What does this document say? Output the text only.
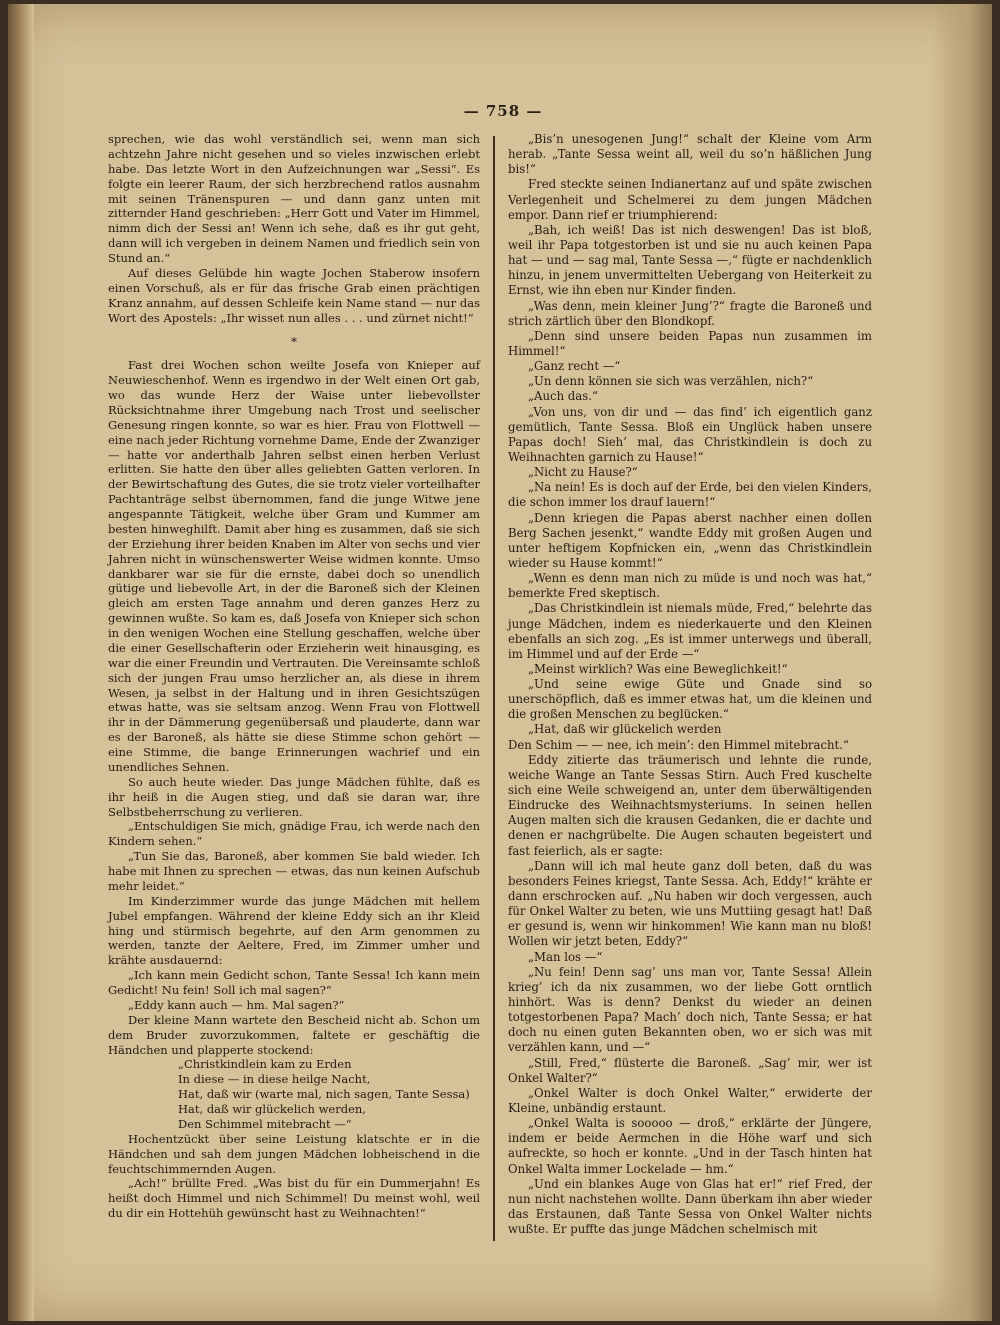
— 758 —

sprechen, wie das wohl verständlich sei, wenn man sich achtzehn Jahre nicht gesehen und so vieles inzwischen erlebt habe. Das letzte Wort in den Aufzeichnungen war „Sessi“. Es folgte ein leerer Raum, der sich herzbrechend ratlos ausnahm mit seinen Tränenspuren — und dann ganz unten mit zitternder Hand geschrieben: „Herr Gott und Vater im Himmel, nimm dich der Sessi an! Wenn ich sehe, daß es ihr gut geht, dann will ich vergeben in deinem Namen und friedlich sein von Stund an.“

Auf dieses Gelübde hin wagte Jochen Staberow insofern einen Vorschuß, als er für das frische Grab einen prächtigen Kranz annahm, auf dessen Schleife kein Name stand — nur das Wort des Apostels: „Ihr wisset nun alles . . . und zürnet nicht!“

*

Fast drei Wochen schon weilte Josefa von Knieper auf Neuwieschenhof. Wenn es irgendwo in der Welt einen Ort gab, wo das wunde Herz der Waise unter liebevollster Rücksichtnahme ihrer Umgebung nach Trost und seelischer Genesung ringen konnte, so war es hier. Frau von Flottwell — eine nach jeder Richtung vornehme Dame, Ende der Zwanziger — hatte vor anderthalb Jahren selbst einen herben Verlust erlitten. Sie hatte den über alles geliebten Gatten verloren. In der Bewirtschaftung des Gutes, die sie trotz vieler vorteilhafter Pachtanträge selbst übernommen, fand die junge Witwe jene angespannte Tätigkeit, welche über Gram und Kummer am besten hinweghilft. Damit aber hing es zusammen, daß sie sich der Erziehung ihrer beiden Knaben im Alter von sechs und vier Jahren nicht in wünschenswerter Weise widmen konnte. Umso dankbarer war sie für die ernste, dabei doch so unendlich gütige und liebevolle Art, in der die Baroneß sich der Kleinen gleich am ersten Tage annahm und deren ganzes Herz zu gewinnen wußte. So kam es, daß Josefa von Knieper sich schon in den wenigen Wochen eine Stellung geschaffen, welche über die einer Gesellschafterin oder Erzieherin weit hinausging, es war die einer Freundin und Vertrauten. Die Vereinsamte schloß sich der jungen Frau umso herzlicher an, als diese in ihrem Wesen, ja selbst in der Haltung und in ihren Gesichtszügen etwas hatte, was sie seltsam anzog. Wenn Frau von Flottwell ihr in der Dämmerung gegenübersaß und plauderte, dann war es der Baroneß, als hätte sie diese Stimme schon gehört — eine Stimme, die bange Erinnerungen wachrief und ein unendliches Sehnen.

So auch heute wieder. Das junge Mädchen fühlte, daß es ihr heiß in die Augen stieg, und daß sie daran war, ihre Selbstbeherrschung zu verlieren.

„Entschuldigen Sie mich, gnädige Frau, ich werde nach den Kindern sehen.“

„Tun Sie das, Baroneß, aber kommen Sie bald wieder. Ich habe mit Ihnen zu sprechen — etwas, das nun keinen Aufschub mehr leidet.“

Im Kinderzimmer wurde das junge Mädchen mit hellem Jubel empfangen. Während der kleine Eddy sich an ihr Kleid hing und stürmisch begehrte, auf den Arm genommen zu werden, tanzte der Aeltere, Fred, im Zimmer umher und krähte ausdauernd:

„Ich kann mein Gedicht schon, Tante Sessa! Ich kann mein Gedicht! Nu fein! Soll ich mal sagen?“

„Eddy kann auch — hm. Mal sagen?“

Der kleine Mann wartete den Bescheid nicht ab. Schon um dem Bruder zuvorzukommen, faltete er geschäftig die Händchen und plapperte stockend:

„Christkindlein kam zu Erden

In diese — in diese heilge Nacht,

Hat, daß wir (warte mal, nich sagen, Tante Sessa)

Hat, daß wir glückelich werden,

Den Schimmel mitebracht —“

Hochentzückt über seine Leistung klatschte er in die Händchen und sah dem jungen Mädchen lobheischend in die feuchtschimmernden Augen.

„Ach!“ brüllte Fred. „Was bist du für ein Dummerjahn! Es heißt doch Himmel und nich Schimmel! Du meinst wohl, weil du dir ein Hottehüh gewünscht hast zu Weihnachten!“

„Bis’n unesogenen Jung!“ schalt der Kleine vom Arm herab. „Tante Sessa weint all, weil du so’n häßlichen Jung bis!“

Fred steckte seinen Indianertanz auf und späte zwischen Verlegenheit und Schelmerei zu dem jungen Mädchen empor. Dann rief er triumphierend:

„Bah, ich weiß! Das ist nich deswengen! Das ist bloß, weil ihr Papa totgestorben ist und sie nu auch keinen Papa hat — und — sag mal, Tante Sessa —,“ fügte er nachdenklich hinzu, in jenem unvermittelten Uebergang von Heiterkeit zu Ernst, wie ihn eben nur Kinder finden.

„Was denn, mein kleiner Jung’?“ fragte die Baroneß und strich zärtlich über den Blondkopf.

„Denn sind unsere beiden Papas nun zusammen im Himmel!“

„Ganz recht —“

„Un denn können sie sich was verzählen, nich?“

„Auch das.“

„Von uns, von dir und — das find’ ich eigentlich ganz gemütlich, Tante Sessa. Bloß ein Unglück haben unsere Papas doch! Sieh’ mal, das Christkindlein is doch zu Weihnachten garnich zu Hause!“

„Nicht zu Hause?“

„Na nein! Es is doch auf der Erde, bei den vielen Kinders, die schon immer los drauf lauern!“

„Denn kriegen die Papas aberst nachher einen dollen Berg Sachen jesenkt,“ wandte Eddy mit großen Augen und unter heftigem Kopfnicken ein, „wenn das Christkindlein wieder su Hause kommt!“

„Wenn es denn man nich zu müde is und noch was hat,“ bemerkte Fred skeptisch.

„Das Christkindlein ist niemals müde, Fred,“ belehrte das junge Mädchen, indem es niederkauerte und den Kleinen ebenfalls an sich zog. „Es ist immer unterwegs und überall, im Himmel und auf der Erde —“

„Meinst wirklich? Was eine Beweglichkeit!“

„Und seine ewige Güte und Gnade sind so unerschöpflich, daß es immer etwas hat, um die kleinen und die großen Menschen zu beglücken.“

„Hat, daß wir glückelich werden

Den Schim — — nee, ich mein’: den Himmel mitebracht.“

Eddy zitierte das träumerisch und lehnte die runde, weiche Wange an Tante Sessas Stirn. Auch Fred kuschelte sich eine Weile schweigend an, unter dem überwältigenden Eindrucke des Weihnachtsmysteriums. In seinen hellen Augen malten sich die krausen Gedanken, die er dachte und denen er nachgrübelte. Die Augen schauten begeistert und fast feierlich, als er sagte:

„Dann will ich mal heute ganz doll beten, daß du was besonders Feines kriegst, Tante Sessa. Ach, Eddy!“ krähte er dann erschrocken auf. „Nu haben wir doch vergessen, auch für Onkel Walter zu beten, wie uns Muttiing gesagt hat! Daß er gesund is, wenn wir hinkommen! Wie kann man nu bloß! Wollen wir jetzt beten, Eddy?“

„Man los —“

„Nu fein! Denn sag’ uns man vor, Tante Sessa! Allein krieg’ ich da nix zusammen, wo der liebe Gott orntlich hinhört. Was is denn? Denkst du wieder an deinen totgestorbenen Papa? Mach’ doch nich, Tante Sessa; er hat doch nu einen guten Bekannten oben, wo er sich was mit verzählen kann, und —“

„Still, Fred,“ flüsterte die Baroneß. „Sag’ mir, wer ist Onkel Walter?“

„Onkel Walter is doch Onkel Walter,“ erwiderte der Kleine, unbändig erstaunt.

„Onkel Walta is sooooo — droß,“ erklärte der Jüngere, indem er beide Aermchen in die Höhe warf und sich aufreckte, so hoch er konnte. „Und in der Tasch hinten hat Onkel Walta immer Lockelade — hm.“

„Und ein blankes Auge von Glas hat er!“ rief Fred, der nun nicht nachstehen wollte. Dann überkam ihn aber wieder das Erstaunen, daß Tante Sessa von Onkel Walter nichts wußte. Er puffte das junge Mädchen schelmisch mit
